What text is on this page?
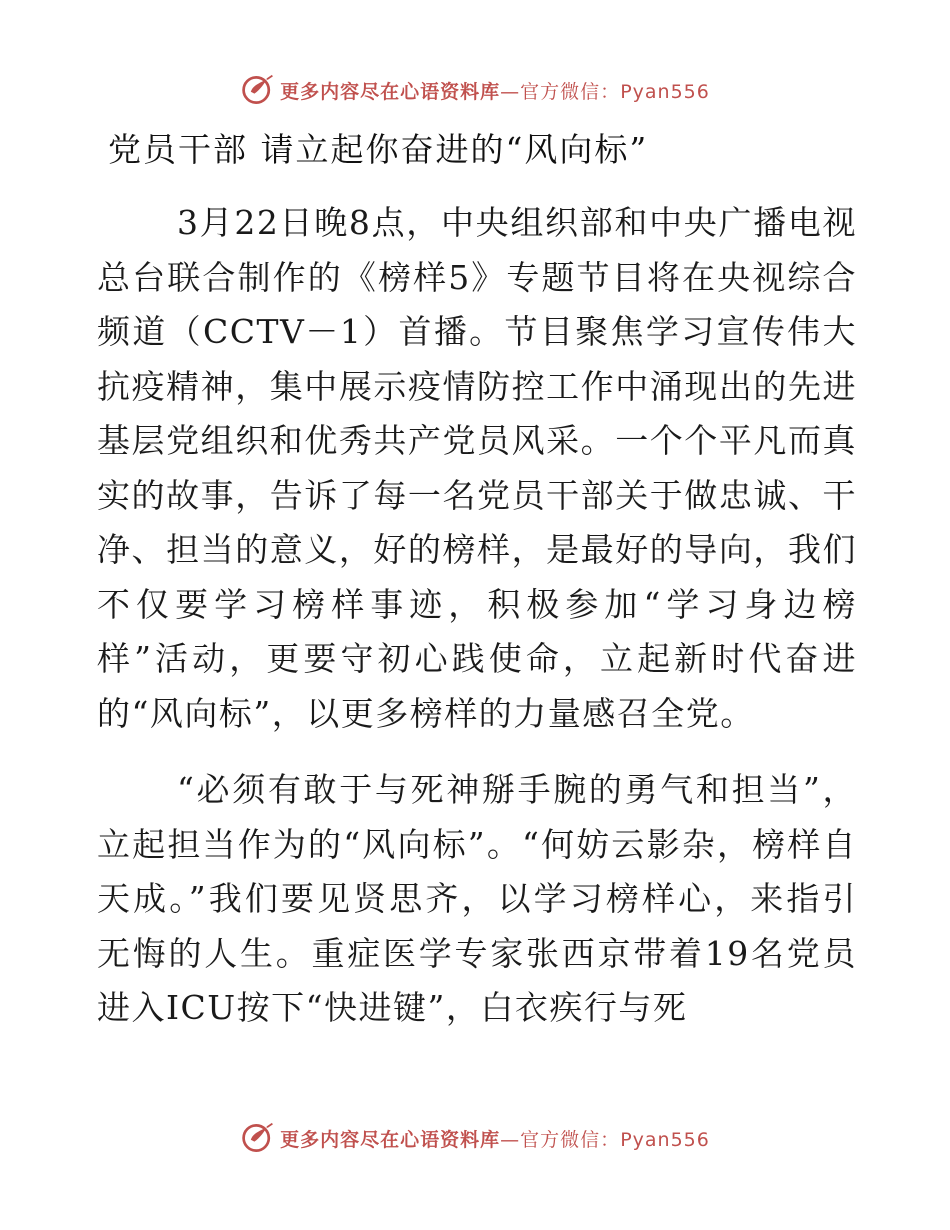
更多内容尽在心语资料库—官方微信：Pyan556
党员干部 请立起你奋进的“风向标”

3月22日晚8点，中央组织部和中央广播电视总台联合制作的《榜样5》专题节目将在央视综合频道（CCTV－1）首播。节目聚焦学习宣传伟大抗疫精神，集中展示疫情防控工作中涌现出的先进基层党组织和优秀共产党员风采。一个个平凡而真实的故事，告诉了每一名党员干部关于做忠诚、干净、担当的意义，好的榜样，是最好的导向，我们不仅要学习榜样事迹，积极参加“学习身边榜样”活动，更要守初心践使命，立起新时代奋进的“风向标”，以更多榜样的力量感召全党。

“必须有敢于与死神掰手腕的勇气和担当”，立起担当作为的“风向标”。“何妨云影杂，榜样自天成。”我们要见贤思齐，以学习榜样心，来指引无悔的人生。重症医学专家张西京带着19名党员进入ICU按下“快进键”，白衣疾行与死

更多内容尽在心语资料库—官方微信：Pyan556
